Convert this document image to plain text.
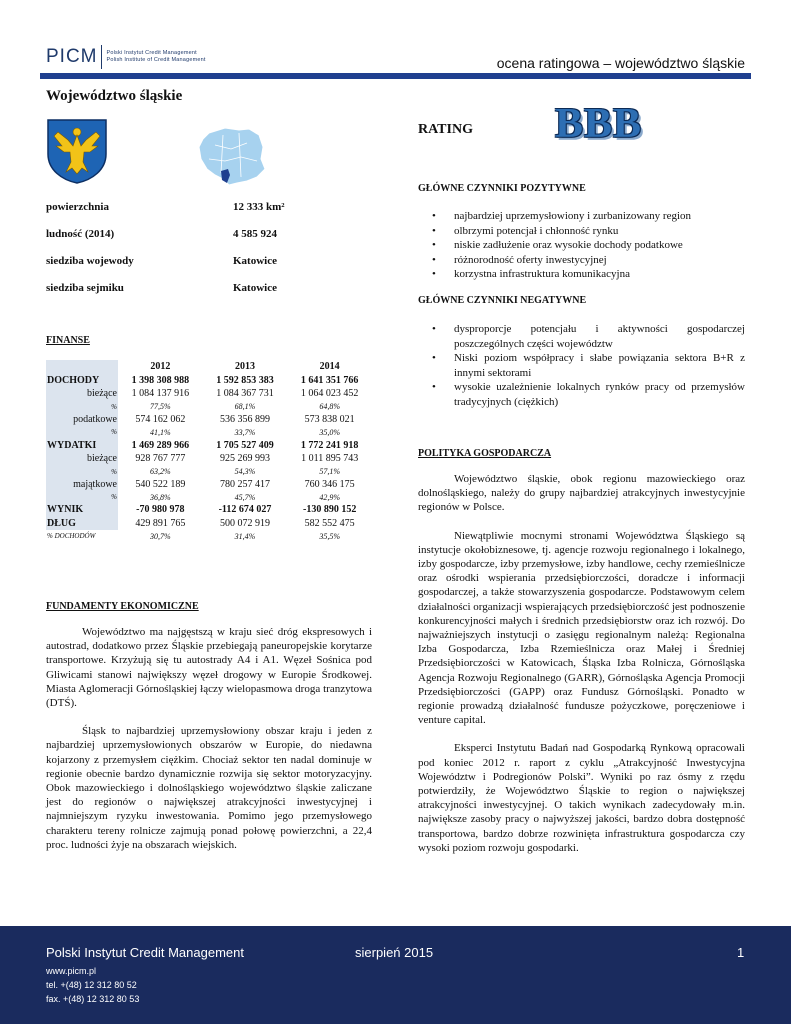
PICM Polski Instytut Credit Management
Polish Institute of Credit Management	ocena ratingowa – województwo śląskie
Województwo śląskie
powierzchnia	12 333 km²
ludność (2014)	4 585 924
siedziba wojewody	Katowice
siedziba sejmiku	Katowice
FINANSE
	2012	2013	2014
DOCHODY	1 398 308 988	1 592 853 383	1 641 351 766
bieżące	1 084 137 916	1 084 367 731	1 064 023 452
%	77,5%	68,1%	64,8%
podatkowe	574 162 062	536 356 899	573 838 021
%	41,1%	33,7%	35,0%
WYDATKI	1 469 289 966	1 705 527 409	1 772 241 918
bieżące	928 767 777	925 269 993	1 011 895 743
%	63,2%	54,3%	57,1%
majątkowe	540 522 189	780 257 417	760 346 175
%	36,8%	45,7%	42,9%
WYNIK	-70 980 978	-112 674 027	-130 890 152
DŁUG	429 891 765	500 072 919	582 552 475
% DOCHODÓW	30,7%	31,4%	35,5%
FUNDAMENTY EKONOMICZNE

Województwo ma najgęstszą w kraju sieć dróg ekspresowych i autostrad, dodatkowo przez Śląskie przebiegają paneuropejskie korytarze transportowe. Krzyżują się tu autostrady A4 i A1. Węzeł Sośnica pod Gliwicami stanowi największy węzeł drogowy w Europie Środkowej. Miasta Aglomeracji Górnośląskiej łączy wielopasmowa droga tranzytowa (DTŚ).

Śląsk to najbardziej uprzemysłowiony obszar kraju i jeden z najbardziej uprzemysłowionych obszarów w Europie, do niedawna kojarzony z przemysłem ciężkim. Chociaż sektor ten nadal dominuje w regionie obecnie bardzo dynamicznie rozwija się sektor motoryzacyjny. Obok mazowieckiego i dolnośląskiego województwo śląskie zaliczane jest do regionów o największej atrakcyjności inwestycyjnej i najmniejszym ryzyku inwestowania. Pomimo jego przemysłowego charakteru tereny rolnicze zajmują ponad połowę powierzchni, a 22,4 proc. ludności żyje na obszarach wiejskich.

RATING BBB
GŁÓWNE CZYNNIKI POZYTYWNE
• najbardziej uprzemysłowiony i zurbanizowany region
• olbrzymi potencjał i chłonność rynku
• niskie zadłużenie oraz wysokie dochody podatkowe
• różnorodność oferty inwestycyjnej
• korzystna infrastruktura komunikacyjna
GŁÓWNE CZYNNIKI NEGATYWNE
• dysproporcje potencjału i aktywności gospodarczej poszczególnych części województw
• Niski poziom współpracy i słabe powiązania sektora B+R z innymi sektorami
• wysokie uzależnienie lokalnych rynków pracy od przemysłów tradycyjnych (ciężkich)
POLITYKA GOSPODARCZA

Województwo śląskie, obok regionu mazowieckiego oraz dolnośląskiego, należy do grupy najbardziej atrakcyjnych inwestycyjnie regionów w Polsce.

Niewątpliwie mocnymi stronami Województwa Śląskiego są instytucje okołobiznesowe, tj. agencje rozwoju regionalnego i lokalnego, izby gospodarcze, izby przemysłowe, izby handlowe, cechy rzemieślnicze oraz ośrodki wspierania przedsiębiorczości, doradcze i informacji gospodarczej, a także stowarzyszenia gospodarcze. Podstawowym celem działalności organizacji wspierających przedsiębiorczość jest podnoszenie konkurencyjności małych i średnich przedsiębiorstw oraz ich rozwój. Do najważniejszych instytucji o zasięgu regionalnym należą: Regionalna Izba Gospodarcza, Izba Rzemieślnicza oraz Małej i Średniej Przedsiębiorczości w Katowicach, Śląska Izba Rolnicza, Górnośląska Agencja Rozwoju Regionalnego (GARR), Górnośląska Agencja Promocji Przedsiębiorczości (GAPP) oraz Fundusz Górnośląski. Ponadto w regionie prowadzą działalność fundusze pożyczkowe, poręczeniowe i venture capital.

Eksperci Instytutu Badań nad Gospodarką Rynkową opracowali pod koniec 2012 r. raport z cyklu „Atrakcyjność Inwestycyjna Województw i Podregionów Polski”. Wyniki po raz ósmy z rzędu potwierdziły, że Województwo Śląskie to region o największej atrakcyjności inwestycyjnej. O takich wynikach zadecydowały m.in. największe zasoby pracy o najwyższej jakości, bardzo dobra dostępność transportowa, bardzo dobrze rozwinięta infrastruktura gospodarcza czy wysoki poziom rozwoju gospodarki.

Polski Instytut Credit Management	sierpień 2015	1
www.picm.pl
tel. +(48) 12 312 80 52
fax. +(48) 12 312 80 53
